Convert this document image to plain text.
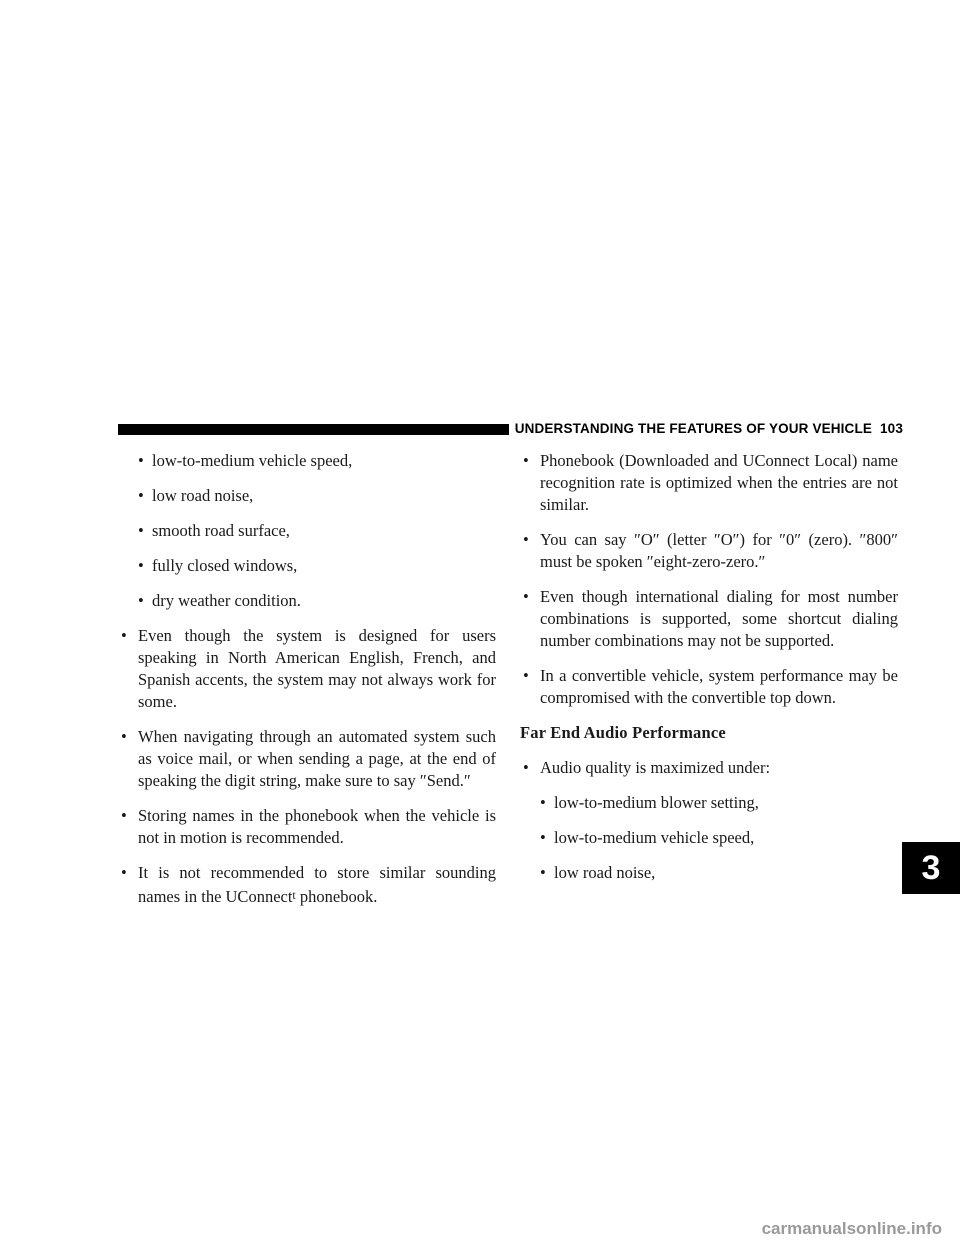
UNDERSTANDING THE FEATURES OF YOUR VEHICLE 103
3
• low-to-medium vehicle speed,
• low road noise,
• smooth road surface,
• fully closed windows,
• dry weather condition.
• Even though the system is designed for users speaking in North American English, French, and Spanish accents, the system may not always work for some.
• When navigating through an automated system such as voice mail, or when sending a page, at the end of speaking the digit string, make sure to say ″Send.″
• Storing names in the phonebook when the vehicle is not in motion is recommended.
• It is not recommended to store similar sounding names in the UConnect$^t$ phonebook.
• Phonebook (Downloaded and UConnect Local) name recognition rate is optimized when the entries are not similar.
• You can say ″O″ (letter ″O″) for ″0″ (zero). ″800″ must be spoken ″eight-zero-zero.″
• Even though international dialing for most number combinations is supported, some shortcut dialing number combinations may not be supported.
• In a convertible vehicle, system performance may be compromised with the convertible top down.
Far End Audio Performance
• Audio quality is maximized under:
• low-to-medium blower setting,
• low-to-medium vehicle speed,
• low road noise,
carmanualsonline.info
